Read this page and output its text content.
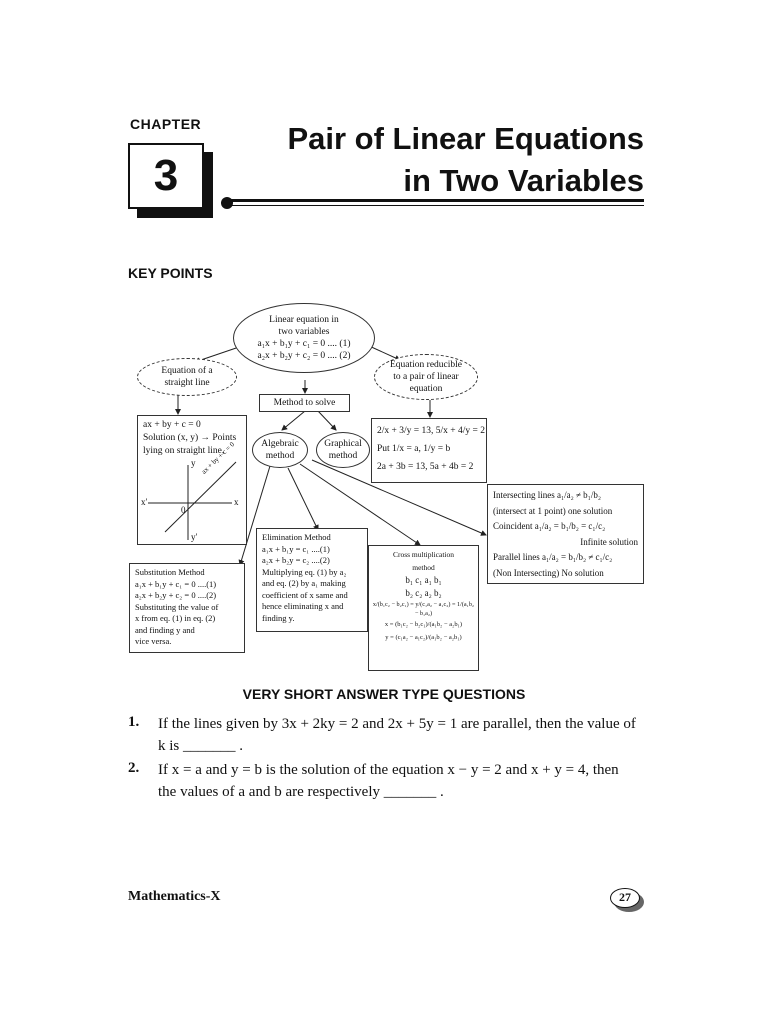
CHAPTER
3
Pair of Linear Equations
in Two Variables
KEY POINTS
Linear equation in
two variables
a₁x + b₁y + c₁ = 0 .... (1)
a₂x + b₂y + c₂ = 0 .... (2)
Equation of a
straight line
Equation reducible
to a pair of linear
equation
Method to solve
Algebraic
method
Graphical
method
ax + by + c = 0
Solution (x, y) → Points
lying on straight line,
ax + by + c = 0
x
x′
y
y′
0
2/x + 3/y = 13, 5/x + 4/y = 2
Put 1/x = a, 1/y = b
2a + 3b = 13, 5a + 4b = 2
Intersecting lines a₁/a₂ ≠ b₁/b₂
(intersect at 1 point) one solution
Coincident a₁/a₂ = b₁/b₂ = c₁/c₂
Infinite solution
Parallel lines a₁/a₂ = b₁/b₂ ≠ c₁/c₂
(Non Intersecting) No solution
Substitution Method
a₁x + b₁y + c₁ = 0 ....(1)
a₂x + b₂y + c₂ = 0 ....(2)
Substituting the value of
x from eq. (1) in eq. (2)
and finding y and
vice versa.
Elimination Method
a₁x + b₁y = c₁ ....(1)
a₂x + b₂y = c₂ ....(2)
Multiplying eq. (1) by a₂
and eq. (2) by a₁ making
coefficient of x same and
hence eliminating x and
finding y.
Cross multiplication
method
b₁ c₁ a₁ b₁
b₂ c₂ a₂ b₂
x/(b₁c₂ − b₂c₁) = y/(c₁a₂ − a₁c₂) = 1/(a₁b₂ − b₁a₂)
x = (b₁c₂ − b₂c₁)/(a₁b₂ − a₂b₁)
y = (c₁a₂ − a₁c₂)/(a₁b₂ − a₂b₁)
VERY SHORT ANSWER TYPE QUESTIONS
1. If the lines given by 3x + 2ky = 2 and 2x + 5y = 1 are parallel, then the value of
k is _______ .
2. If x = a and y = b is the solution of the equation x − y = 2 and x + y = 4, then
the values of a and b are respectively _______ .
Mathematics-X	27
